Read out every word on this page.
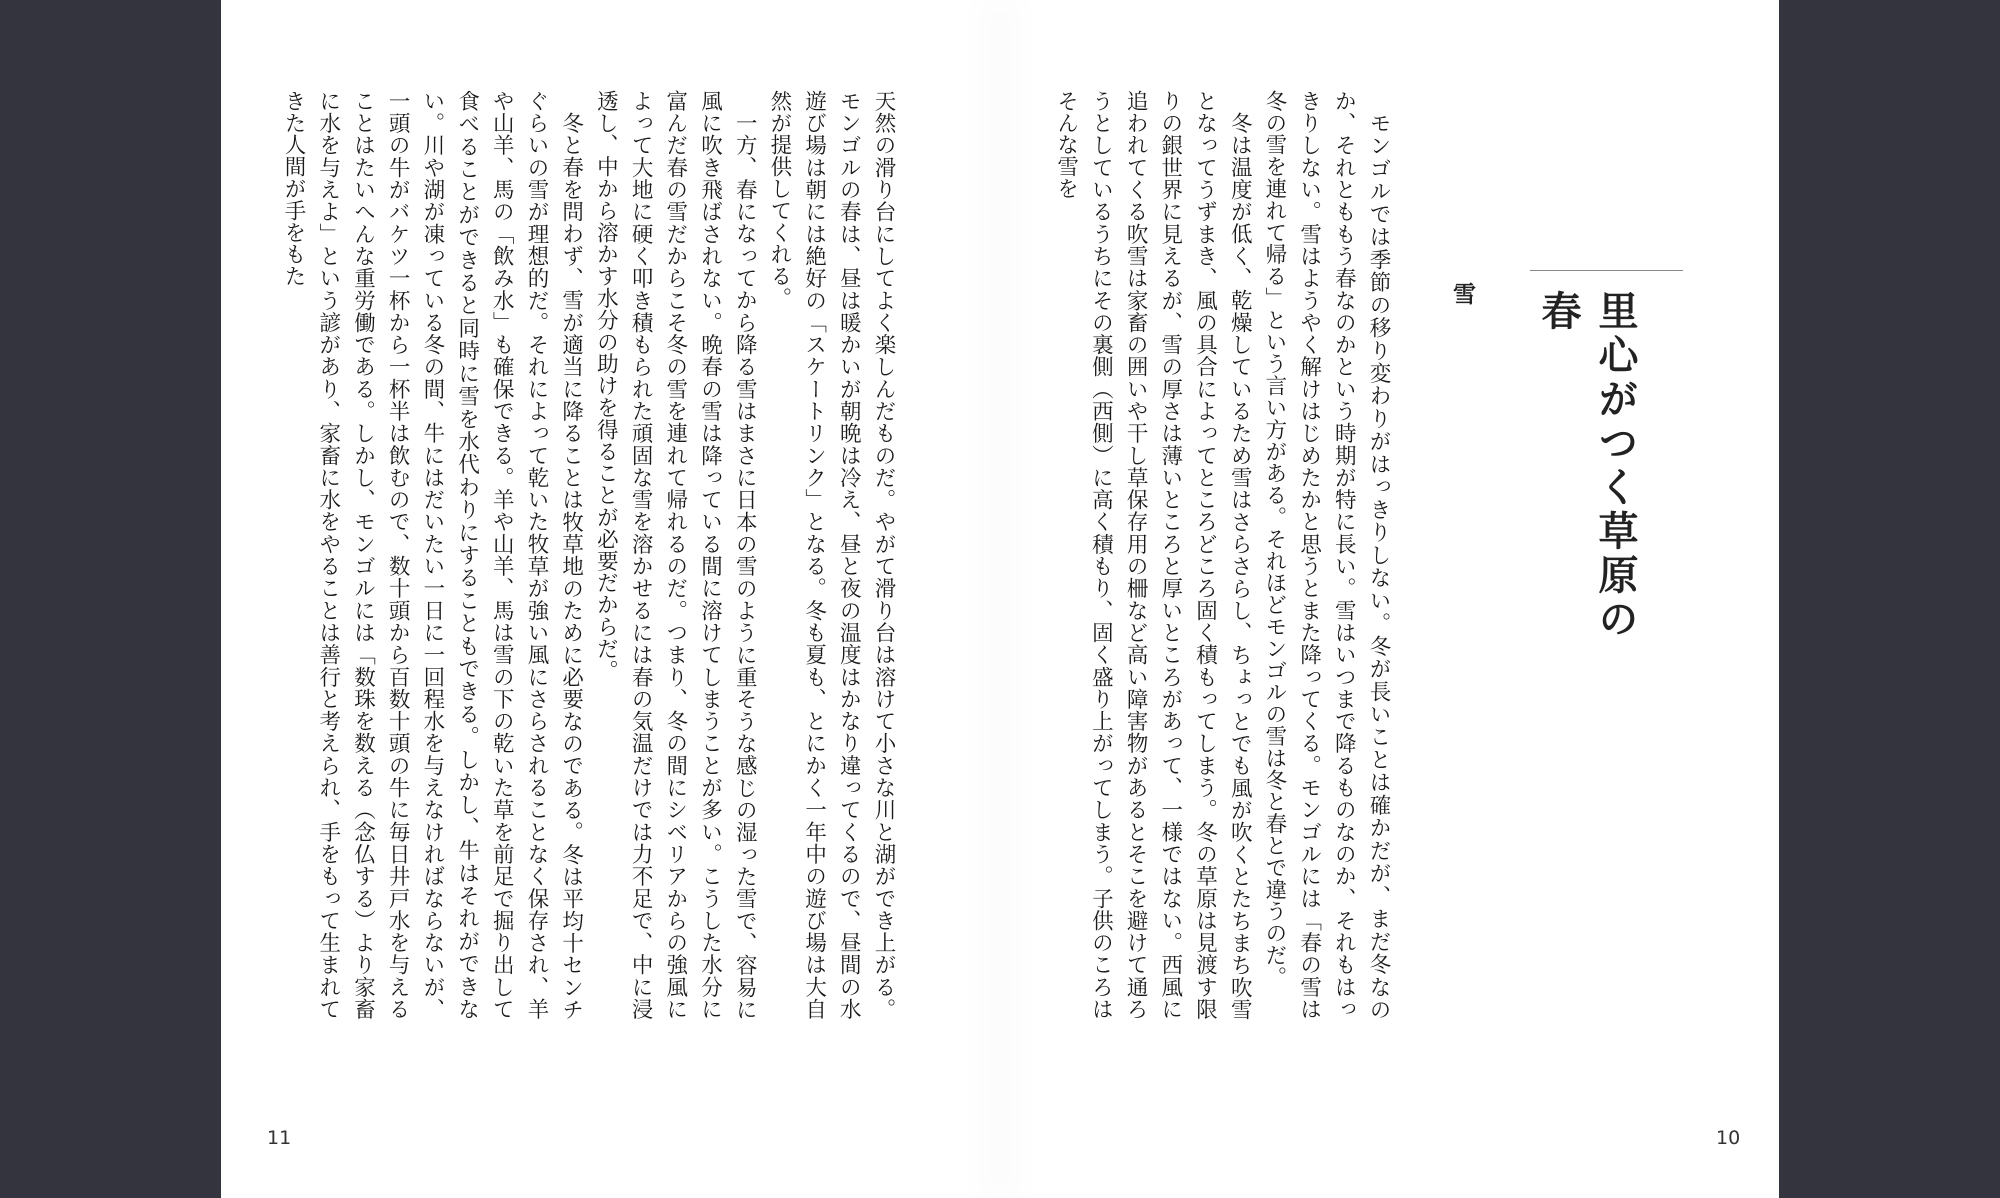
里心がつく草原の春
雪

モンゴルでは季節の移り変わりがはっきりしない。冬が長いことは確かだが、まだ冬なのか、それとももう春なのかという時期が特に長い。雪はいつまで降るものなのか、それもはっきりしない。雪はようやく解けはじめたかと思うとまた降ってくる。モンゴルには「春の雪は冬の雪を連れて帰る」という言い方がある。それほどモンゴルの雪は冬と春とで違うのだ。

冬は温度が低く、乾燥しているため雪はさらさらし、ちょっとでも風が吹くとたちまち吹雪となってうずまき、風の具合によってところどころ固く積もってしまう。冬の草原は見渡す限りの銀世界に見えるが、雪の厚さは薄いところと厚いところがあって、一様ではない。西風に追われてくる吹雪は家畜の囲いや干し草保存用の柵など高い障害物があるとそこを避けて通ろうとしているうちにその裏側（西側）に高く積もり、固く盛り上がってしまう。子供のころはそんな雪を

天然の滑り台にしてよく楽しんだものだ。やがて滑り台は溶けて小さな川と湖ができ上がる。モンゴルの春は、昼は暖かいが朝晩は冷え、昼と夜の温度はかなり違ってくるので、昼間の水遊び場は朝には絶好の「スケートリンク」となる。冬も夏も、とにかく一年中の遊び場は大自然が提供してくれる。

一方、春になってから降る雪はまさに日本の雪のように重そうな感じの湿った雪で、容易に風に吹き飛ばされない。晩春の雪は降っている間に溶けてしまうことが多い。こうした水分に富んだ春の雪だからこそ冬の雪を連れて帰れるのだ。つまり、冬の間にシベリアからの強風によって大地に硬く叩き積もられた頑固な雪を溶かせるには春の気温だけでは力不足で、中に浸透し、中から溶かす水分の助けを得ることが必要だからだ。

冬と春を問わず、雪が適当に降ることは牧草地のために必要なのである。冬は平均十センチぐらいの雪が理想的だ。それによって乾いた牧草が強い風にさらされることなく保存され、羊や山羊、馬の「飲み水」も確保できる。羊や山羊、馬は雪の下の乾いた草を前足で掘り出して食べることができると同時に雪を水代わりにすることもできる。しかし、牛はそれができない。川や湖が凍っている冬の間、牛にはだいたい一日に一回程水を与えなければならないが、一頭の牛がバケツ一杯から一杯半は飲むので、数十頭から百数十頭の牛に毎日井戸水を与えることはたいへんな重労働である。しかし、モンゴルには「数珠を数える（念仏する）より家畜に水を与えよ」という諺があり、家畜に水をやることは善行と考えられ、手をもって生まれてきた人間が手をもた

11	10
